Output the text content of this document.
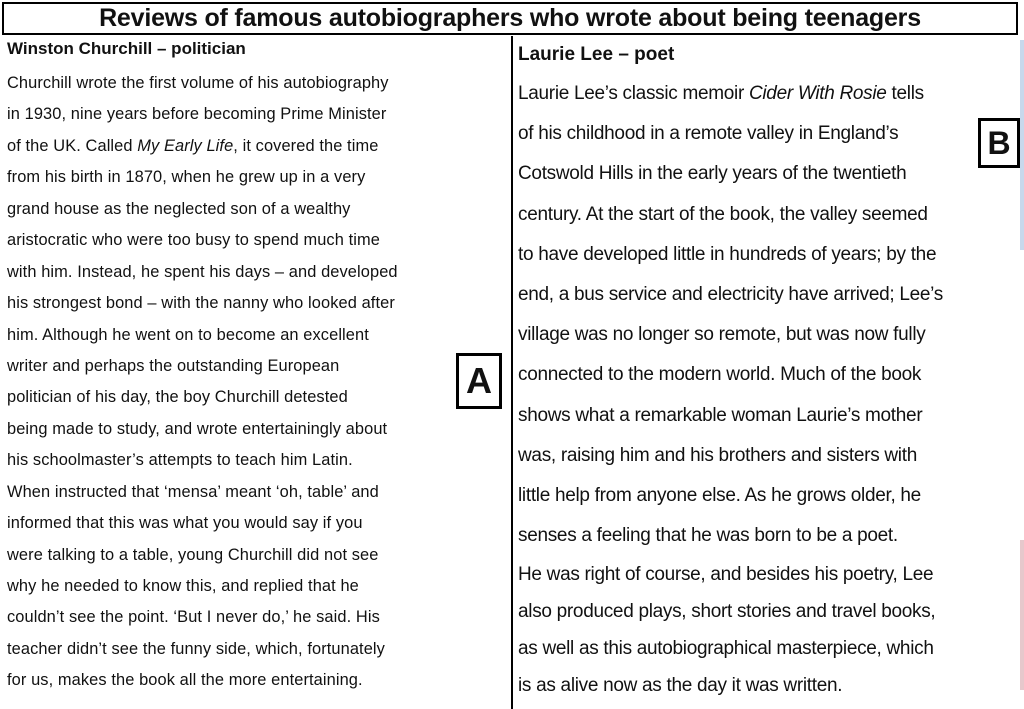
Reviews of famous autobiographers who wrote about being teenagers
Winston Churchill – politician
Churchill wrote the first volume of his autobiography
in 1930, nine years before becoming Prime Minister
of the UK. Called My Early Life, it covered the time
from his birth in 1870, when he grew up in a very
grand house as the neglected son of a wealthy
aristocratic who were too busy to spend much time
with him. Instead, he spent his days – and developed
his strongest bond – with the nanny who looked after
him. Although he went on to become an excellent
writer and perhaps the outstanding European
politician of his day, the boy Churchill detested
being made to study, and wrote entertainingly about
his schoolmaster’s attempts to teach him Latin.
When instructed that ‘mensa’ meant ‘oh, table’ and
informed that this was what you would say if you
were talking to a table, young Churchill did not see
why he needed to know this, and replied that he
couldn’t see the point. ‘But I never do,’ he said. His
teacher didn’t see the funny side, which, fortunately
for us, makes the book all the more entertaining.
Laurie Lee – poet
Laurie Lee’s classic memoir Cider With Rosie tells
of his childhood in a remote valley in England’s
Cotswold Hills in the early years of the twentieth
century. At the start of the book, the valley seemed
to have developed little in hundreds of years; by the
end, a bus service and electricity have arrived; Lee’s
village was no longer so remote, but was now fully
connected to the modern world. Much of the book
shows what a remarkable woman Laurie’s mother
was, raising him and his brothers and sisters with
little help from anyone else. As he grows older, he
senses a feeling that he was born to be a poet.
He was right of course, and besides his poetry, Lee
also produced plays, short stories and travel books,
as well as this autobiographical masterpiece, which
is as alive now as the day it was written.
A
B
